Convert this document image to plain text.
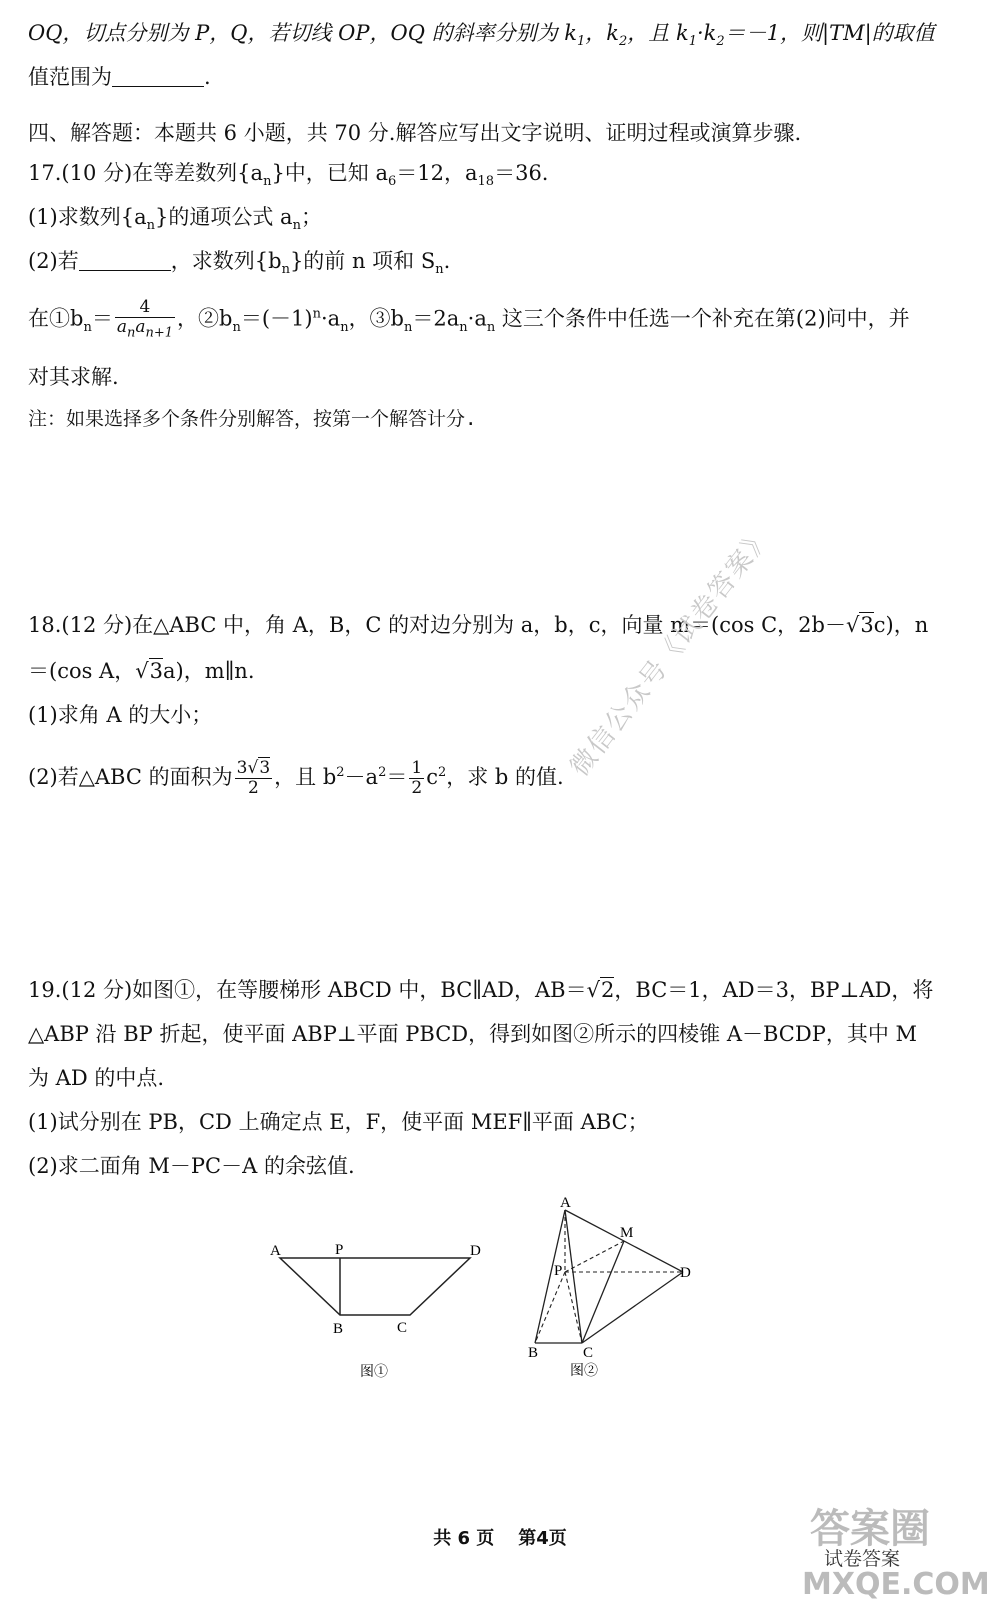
OQ，切点分别为 P，Q，若切线 OP，OQ 的斜率分别为 $k_1$，$k_2$，且 $k_1\cdot k_2=-1$，则|TM|的取值
值范围为	.
四、解答题：本题共 6 小题，共 70 分.解答应写出文字说明、证明过程或演算步骤.
17.(10 分)在等差数列$\{a_n\}$中，已知 $a_6=12$，$a_{18}=36$.
(1)求数列$\{a_n\}$的通项公式 $a_n$；
(2)若	，求数列$\{b_n\}$的前 n 项和 $S_n$.
在$①b_n= \frac{4}{a_na_{n+1}}$ ，$②b_n=(-1)^n\cdot a_n$，$③b_n=2a_n\cdot a_n$ 这三个条件中任选一个补充在第(2)问中，并
对其求解.
注：如果选择多个条件分别解答，按第一个解答计分.
18.(12 分)在△ABC 中，角 A，B，C 的对边分别为 a，b，c，向量 m＝(cos C，2b－√3c)，n
＝(cos A，√3a)，m∥n.
(1)求角 A 的大小；
(2)若△ABC 的面积为 $\frac{3√3}{2}$ ，且 $b^2-a^2= \frac{1}{2} c^2$，求 b 的值. 微信公众号《试卷答案》
19.(12 分)如图①，在等腰梯形 ABCD 中，BC∥AD，AB＝√2，BC＝1，AD＝3，BP⊥AD，将
△ABP 沿 BP 折起，使平面 ABP⊥平面 PBCD，得到如图②所示的四棱锥 A－BCDP，其中 M
为 AD 的中点.
(1)试分别在 PB，CD 上确定点 E，F，使平面 MEF∥平面 ABC；
(2)求二面角 M－PC－A 的余弦值.
A	P	D
B	C
图①
A
M
P	D
B	C
图②
共 6 页 第4页	答案圈
试卷答案
MXQE.COM
